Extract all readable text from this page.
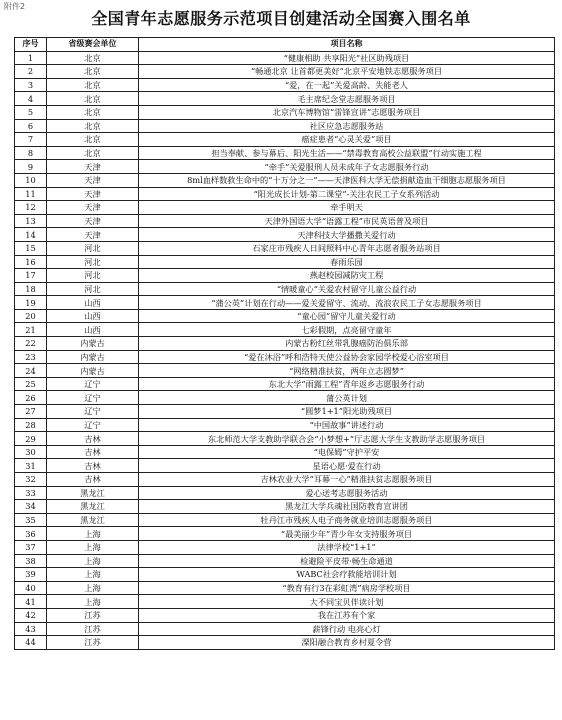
附件2
全国青年志愿服务示范项目创建活动全国赛入围名单
序号	省级赛会单位	项目名称
1	北京	“健康相助 共享阳光”社区助残项目
2	北京	“畅通北京 让首都更美好”北京平安地铁志愿服务项目
3	北京	“爱，在一起”关爱高龄、失能老人
4	北京	毛主席纪念堂志愿服务项目
5	北京	北京汽车博物馆“雷锋宣讲”志愿服务项目
6	北京	社区应急志愿服务站
7	北京	癌症患者“心灵关爱”项目
8	北京	担当奉献、参与幕后、阳光生活——“禁毒教育高校公益联盟”行动实施工程
9	天津	“牵手”关爱服刑人员未成年子女志愿服务行动
10	天津	8ml血样数救生命中的“十万分之一”——天津医科大学无偿捐献造血干细胞志愿服务项目
11	天津	“阳光成长计划-第二课堂”-关注农民工子女系列活动
12	天津	牵手明天
13	天津	天津外国语大学“语露工程”市民英语普及项目
14	天津	天津科技大学播撒关爱行动
15	河北	石家庄市残疾人日间照料中心青年志愿者服务站项目
16	河北	春雨乐园
17	河北	燕赵校园减防灾工程
18	河北	“情暖童心”关爱农村留守儿童公益行动
19	山西	“蒲公英”计划在行动——爱关爱留守、流动、流浪农民工子女志愿服务项目
20	山西	“童心园”留守儿童关爱行动
21	山西	七彩假期，点亮留守童年
22	内蒙古	内蒙古粉红丝带乳腺癌防治俱乐部
23	内蒙古	“爱在沐浴”呼和浩特天使公益协会家园学校爱心浴室项目
24	内蒙古	“网络精准扶贫，两年立志圆梦”
25	辽宁	东北大学“雨露工程”青年返乡志愿服务行动
26	辽宁	蒲公英计划
27	辽宁	“圆梦1+1”阳光助残项目
28	辽宁	“中国故事”讲述行动
29	吉林	东北师范大学支教助学联合会“小梦想+”厅志愿大学生支教助学志愿服务项目
30	吉林	“电保姆”守护平安
31	吉林	星语心愿·爱在行动
32	吉林	吉林农业大学“耳幕一心”精准扶贫志愿服务项目
33	黑龙江	爱心送考志愿服务活动
34	黑龙江	黑龙江大学兵魂社国防教育宣讲团
35	黑龙江	牡丹江市残疾人电子商务就业培训志愿服务项目
36	上海	“最美丽少年”青少年女支持服务项目
37	上海	法律学校“1+1”
38	上海	检避险平皮带·畅生命通道
39	上海	WABC社会疗救能培训计划
40	上海	“教育有行3在彩虹湾”病房学校项目
41	上海	大不同宝贝伴读计划
42	江苏	我在江苏有个家
43	江苏	薪锋行动 电亮心灯
44	江苏	溧阳融合教育乡村夏令营
